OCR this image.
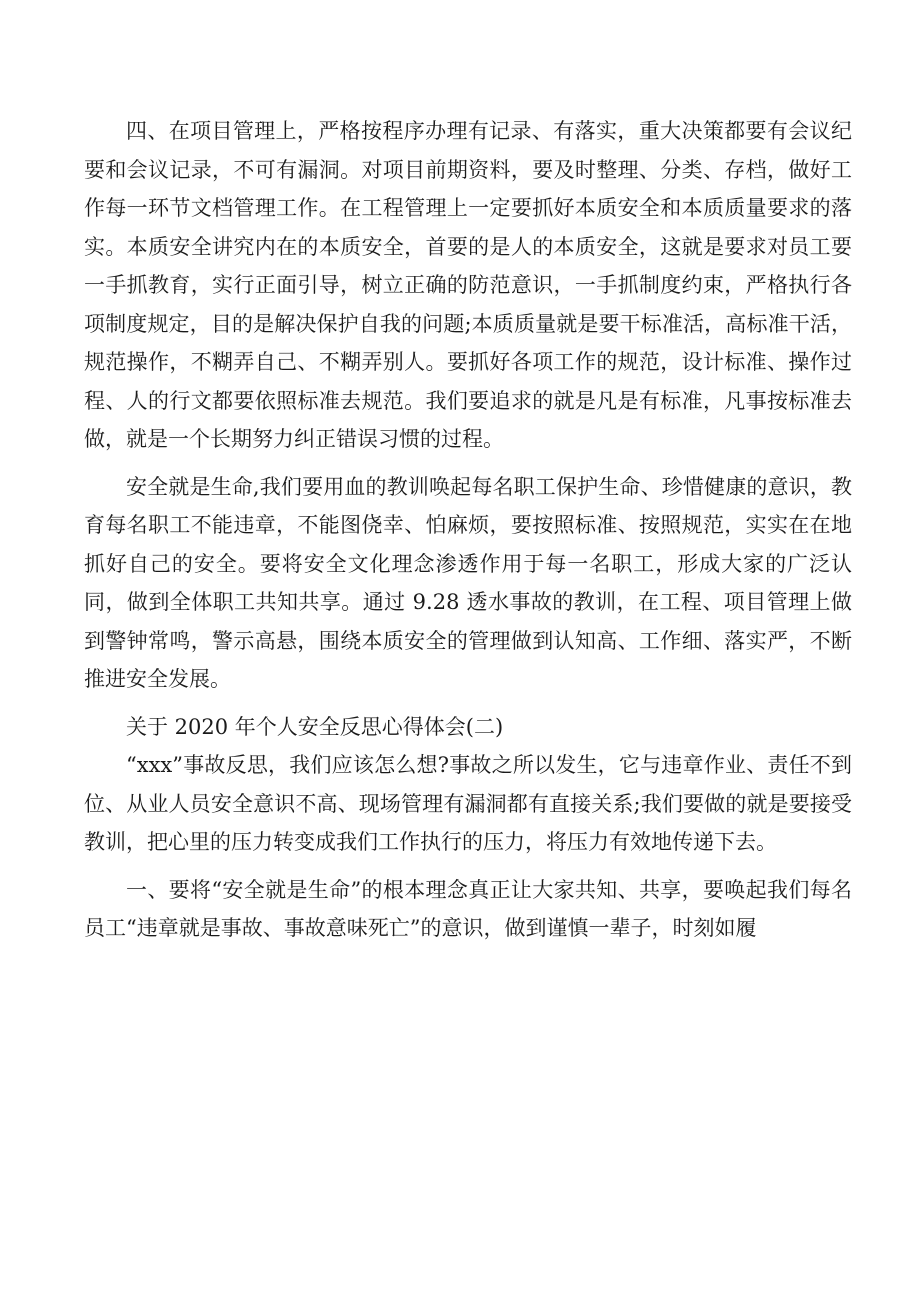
四、在项目管理上，严格按程序办理有记录、有落实，重大决策都要有会议纪要和会议记录，不可有漏洞。对项目前期资料，要及时整理、分类、存档，做好工作每一环节文档管理工作。在工程管理上一定要抓好本质安全和本质质量要求的落实。本质安全讲究内在的本质安全，首要的是人的本质安全，这就是要求对员工要一手抓教育，实行正面引导，树立正确的防范意识，一手抓制度约束，严格执行各项制度规定，目的是解决保护自我的问题;本质质量就是要干标准活，高标准干活，规范操作，不糊弄自己、不糊弄别人。要抓好各项工作的规范，设计标准、操作过程、人的行文都要依照标准去规范。我们要追求的就是凡是有标准，凡事按标准去做，就是一个长期努力纠正错误习惯的过程。

安全就是生命,我们要用血的教训唤起每名职工保护生命、珍惜健康的意识，教育每名职工不能违章，不能图侥幸、怕麻烦，要按照标准、按照规范，实实在在地抓好自己的安全。要将安全文化理念渗透作用于每一名职工，形成大家的广泛认同，做到全体职工共知共享。通过 9.28 透水事故的教训，在工程、项目管理上做到警钟常鸣，警示高悬，围绕本质安全的管理做到认知高、工作细、落实严，不断推进安全发展。

关于 2020 年个人安全反思心得体会(二)

“xxx”事故反思，我们应该怎么想?事故之所以发生，它与违章作业、责任不到位、从业人员安全意识不高、现场管理有漏洞都有直接关系;我们要做的就是要接受教训，把心里的压力转变成我们工作执行的压力，将压力有效地传递下去。

一、要将“安全就是生命”的根本理念真正让大家共知、共享，要唤起我们每名员工“违章就是事故、事故意味死亡”的意识，做到谨慎一辈子，时刻如履
